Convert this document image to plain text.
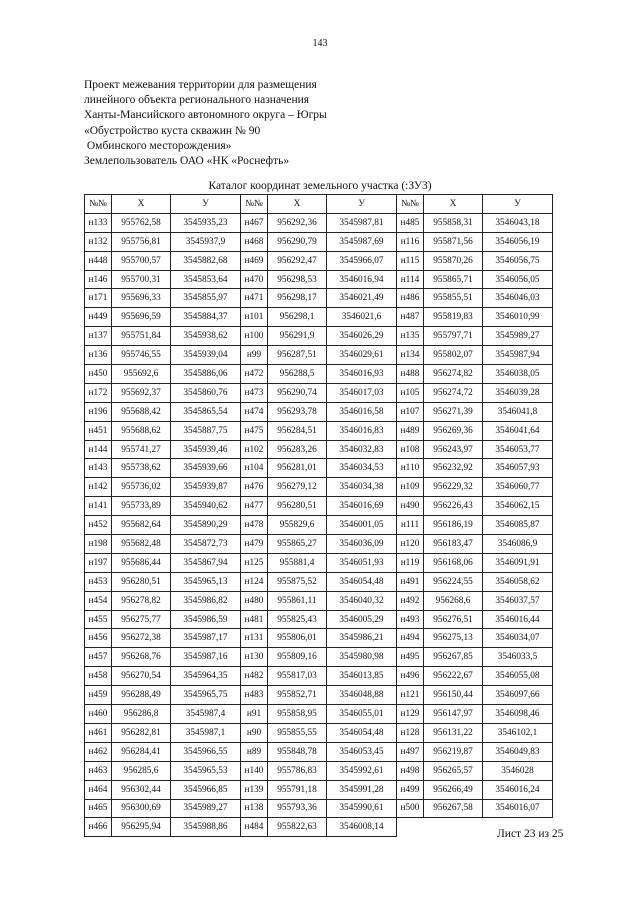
143
Проект межевания территории для размещения
линейного объекта регионального назначения
Ханты-Мансийского автономного округа – Югры
«Обустройство куста скважин № 90
Омбинского месторождения»
Землепользователь ОАО «НК «Роснефть»
Каталог координат земельного участка (:ЗУ3)
№№	X	У	№№	X	У	№№	X	У
н133	955762,58	3545935,23	н467	956292,36	3545987,81	н485	955858,31	3546043,18
н132	955756,81	3545937,9	н468	956290,79	3545987,69	н116	955871,56	3546056,19
н448	955700,57	3545882,68	н469	956292,47	3545966,07	н115	955870,26	3546056,75
н146	955700,31	3545853,64	н470	956298,53	3546016,94	н114	955865,71	3546056,05
н171	955696,33	3545855,97	н471	956298,17	3546021,49	н486	955855,51	3546046,03
н449	955696,59	3545884,37	н101	956298,1	3546021,6	н487	955819,83	3546010,99
н137	955751,84	3545938,62	н100	956291,9	3546026,29	н135	955797,71	3545989,27
н136	955746,55	3545939,04	н99	956287,51	3546029,61	н134	955802,07	3545987,94
н450	955692,6	3545886,06	н472	956288,5	3546016,93	н488	956274,82	3546038,05
н172	955692,37	3545860,76	н473	956290,74	3546017,03	н105	956274,72	3546039,28
н196	955688,42	3545865,54	н474	956293,78	3546016,58	н107	956271,39	3546041,8
н451	955688,62	3545887,75	н475	956284,51	3546016,83	н489	956269,36	3546041,64
н144	955741,27	3545939,46	н102	956283,26	3546032,83	н108	956243,97	3546053,77
н143	955738,62	3545939,66	н104	956281,01	3546034,53	н110	956232,92	3546057,93
н142	955736,02	3545939,87	н476	956279,12	3546034,38	н109	956229,32	3546060,77
н141	955733,89	3545940,62	н477	956280,51	3546016,69	н490	956226,43	3546062,15
н452	955682,64	3545890,29	н478	955829,6	3546001,05	н111	956186,19	3546085,87
н198	955682,48	3545872,73	н479	955865,27	3546036,09	н120	956183,47	3546086,9
н197	955686,44	3545867,94	н125	955881,4	3546051,93	н119	956168,06	3546091,91
н453	956280,51	3545965,13	н124	955875,52	3546054,48	н491	956224,55	3546058,62
н454	956278,82	3545986,82	н480	955861,11	3546040,32	н492	956268,6	3546037,57
н455	956275,77	3545986,59	н481	955825,43	3546005,29	н493	956276,51	3546016,44
н456	956272,38	3545987,17	н131	955806,01	3545986,21	н494	956275,13	3546034,07
н457	956268,76	3545987,16	н130	955809,16	3545980,98	н495	956267,85	3546033,5
н458	956270,54	3545964,35	н482	955817,03	3546013,85	н496	956222,67	3546055,08
н459	956288,49	3545965,75	н483	955852,71	3546048,88	н121	956150,44	3546097,66
н460	956286,8	3545987,4	н91	955858,95	3546055,01	н129	956147,97	3546098,46
н461	956282,81	3545987,1	н90	955855,55	3546054,48	н128	956131,22	3546102,1
н462	956284,41	3545966,55	н89	955848,78	3546053,45	н497	956219,87	3546049,83
н463	956285,6	3545965,53	н140	955786,83	3545992,61	н498	956265,57	3546028
н464	956302,44	3545966,85	н139	955791,18	3545991,28	н499	956266,49	3546016,24
н465	956300,69	3545989,27	н138	955793,36	3545990,61	н500	956267,58	3546016,07
н466	956295,94	3545988,86	н484	955822,63	3546008,14			
Лист 23 из 25
